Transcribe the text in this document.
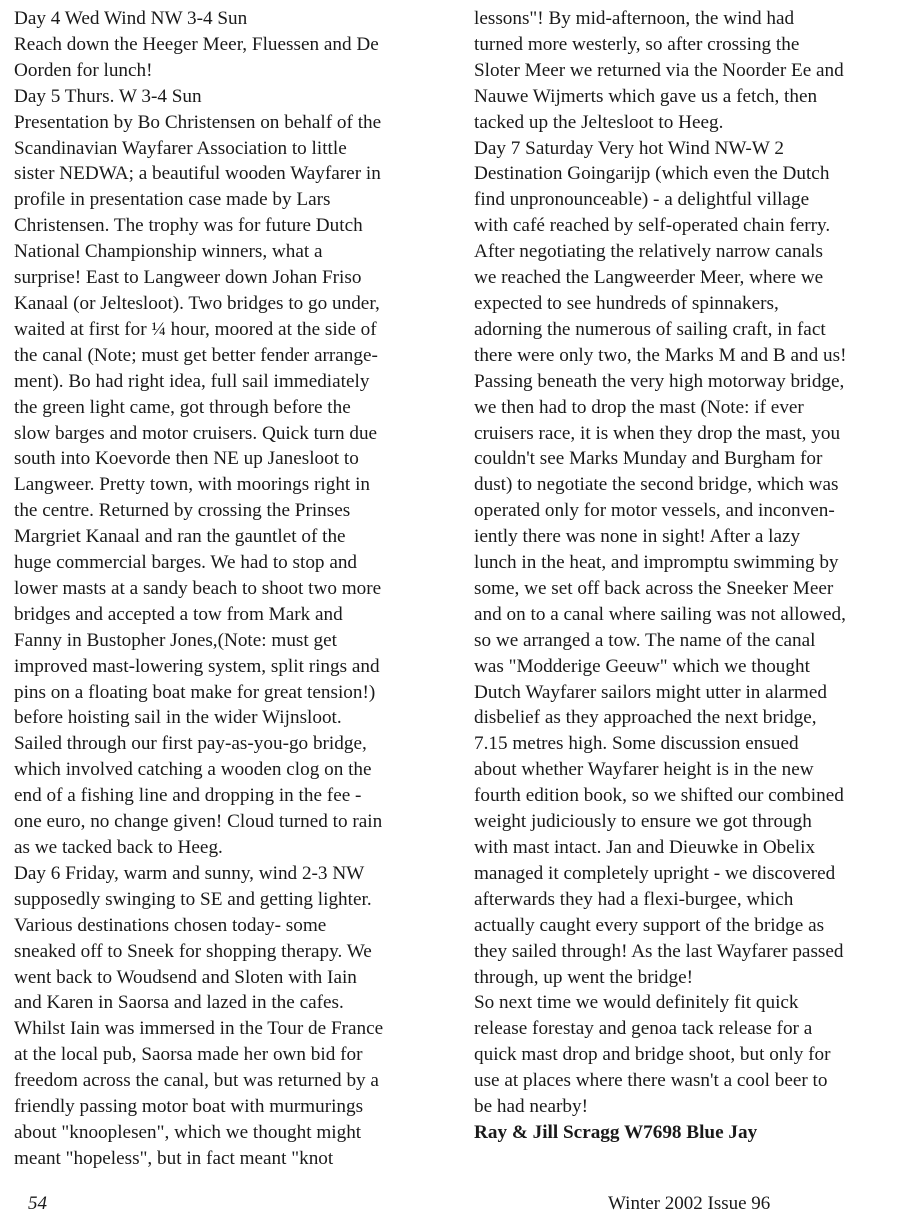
Day 4 Wed Wind NW 3-4 Sun
Reach down the Heeger Meer, Fluessen and De
Oorden for lunch!
Day 5 Thurs. W 3-4 Sun
Presentation by Bo Christensen on behalf of the
Scandinavian Wayfarer Association to little
sister NEDWA; a beautiful wooden Wayfarer in
profile in presentation case made by Lars
Christensen. The trophy was for future Dutch
National Championship winners, what a
surprise! East to Langweer down Johan Friso
Kanaal (or Jeltesloot). Two bridges to go under,
waited at first for ¼ hour, moored at the side of
the canal (Note; must get better fender arrange-
ment). Bo had right idea, full sail immediately
the green light came, got through before the
slow barges and motor cruisers. Quick turn due
south into Koevorde then NE up Janesloot to
Langweer. Pretty town, with moorings right in
the centre. Returned by crossing the Prinses
Margriet Kanaal and ran the gauntlet of the
huge commercial barges. We had to stop and
lower masts at a sandy beach to shoot two more
bridges and accepted a tow from Mark and
Fanny in Bustopher Jones,(Note: must get
improved mast-lowering system, split rings and
pins on a floating boat make for great tension!)
before hoisting sail in the wider Wijnsloot.
Sailed through our first pay-as-you-go bridge,
which involved catching a wooden clog on the
end of a fishing line and dropping in the fee -
one euro, no change given! Cloud turned to rain
as we tacked back to Heeg.
Day 6 Friday, warm and sunny, wind 2-3 NW
supposedly swinging to SE and getting lighter.
Various destinations chosen today- some
sneaked off to Sneek for shopping therapy. We
went back to Woudsend and Sloten with Iain
and Karen in Saorsa and lazed in the cafes.
Whilst Iain was immersed in the Tour de France
at the local pub, Saorsa made her own bid for
freedom across the canal, but was returned by a
friendly passing motor boat with murmurings
about "knooplesen", which we thought might
meant "hopeless", but in fact meant "knot
lessons"! By mid-afternoon, the wind had
turned more westerly, so after crossing the
Sloter Meer we returned via the Noorder Ee and
Nauwe Wijmerts which gave us a fetch, then
tacked up the Jeltesloot to Heeg.
Day 7 Saturday Very hot Wind NW-W 2
Destination Goingarijp (which even the Dutch
find unpronounceable) - a delightful village
with café reached by self-operated chain ferry.
After negotiating the relatively narrow canals
we reached the Langweerder Meer, where we
expected to see hundreds of spinnakers,
adorning the numerous of sailing craft, in fact
there were only two, the Marks M and B and us!
Passing beneath the very high motorway bridge,
we then had to drop the mast (Note: if ever
cruisers race, it is when they drop the mast, you
couldn't see Marks Munday and Burgham for
dust) to negotiate the second bridge, which was
operated only for motor vessels, and inconven-
iently there was none in sight! After a lazy
lunch in the heat, and impromptu swimming by
some, we set off back across the Sneeker Meer
and on to a canal where sailing was not allowed,
so we arranged a tow. The name of the canal
was "Modderige Geeuw" which we thought
Dutch Wayfarer sailors might utter in alarmed
disbelief as they approached the next bridge,
7.15 metres high. Some discussion ensued
about whether Wayfarer height is in the new
fourth edition book, so we shifted our combined
weight judiciously to ensure we got through
with mast intact. Jan and Dieuwke in Obelix
managed it completely upright - we discovered
afterwards they had a flexi-burgee, which
actually caught every support of the bridge as
they sailed through! As the last Wayfarer passed
through, up went the bridge!
So next time we would definitely fit quick
release forestay and genoa tack release for a
quick mast drop and bridge shoot, but only for
use at places where there wasn't a cool beer to
be had nearby!
Ray & Jill Scragg W7698 Blue Jay
54	Winter 2002 Issue 96
